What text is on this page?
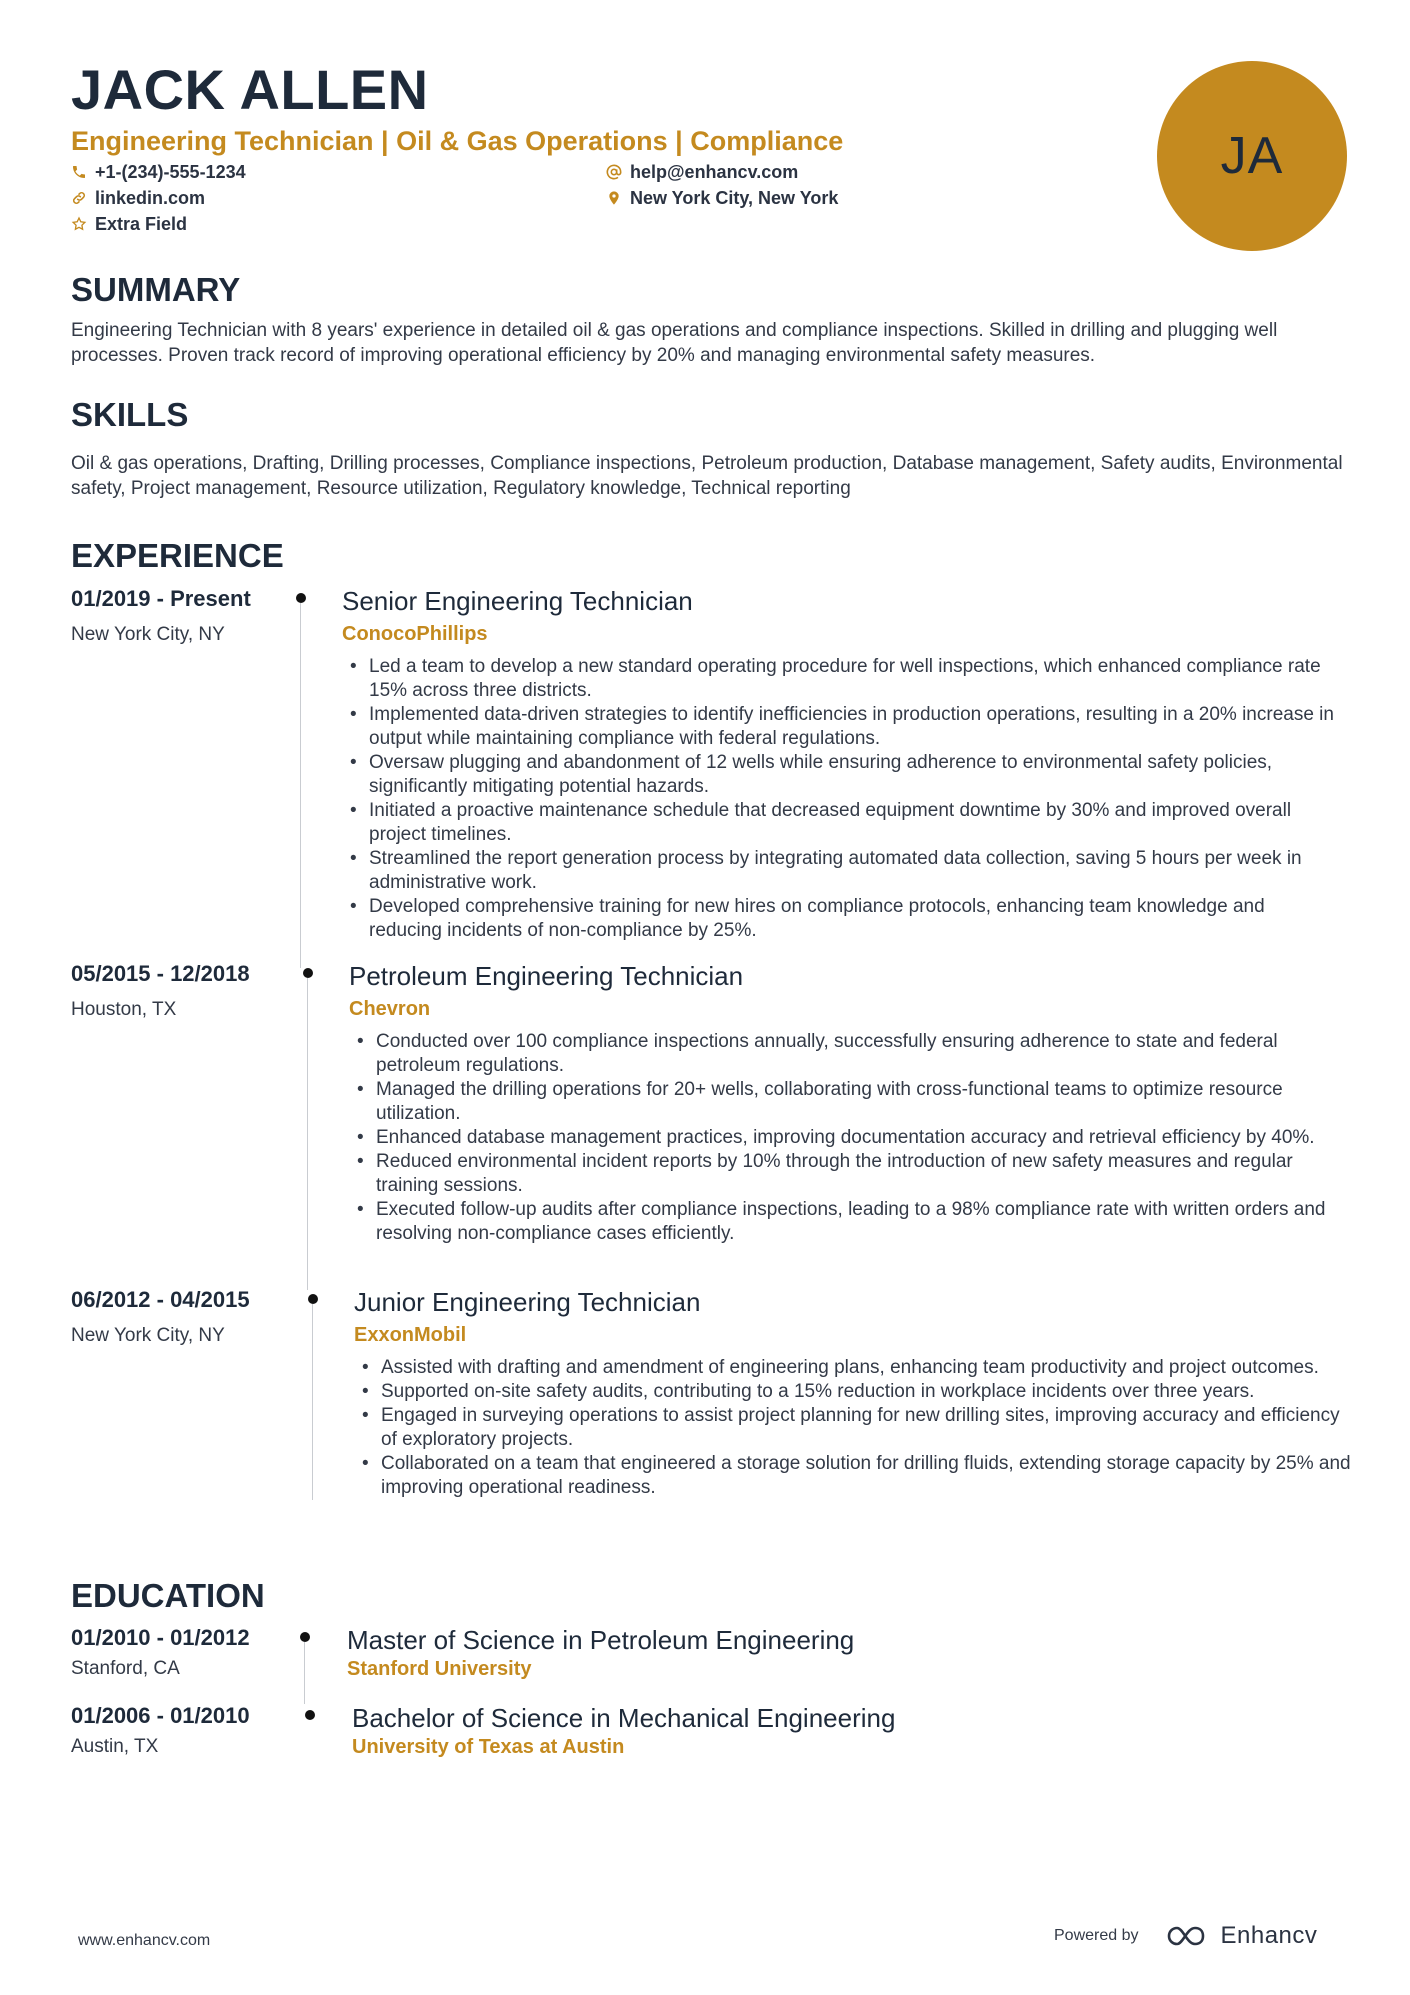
JACK ALLEN
Engineering Technician | Oil & Gas Operations | Compliance
+1-(234)-555-1234	help@enhancv.com
linkedin.com	New York City, New York
Extra Field
JA
SUMMARY
Engineering Technician with 8 years' experience in detailed oil & gas operations and compliance inspections. Skilled in drilling and plugging well processes. Proven track record of improving operational efficiency by 20% and managing environmental safety measures.
SKILLS
Oil & gas operations, Drafting, Drilling processes, Compliance inspections, Petroleum production, Database management, Safety audits, Environmental safety, Project management, Resource utilization, Regulatory knowledge, Technical reporting
EXPERIENCE
01/2019 - Present
New York City, NY
Senior Engineering Technician
ConocoPhillips
• Led a team to develop a new standard operating procedure for well inspections, which enhanced compliance rate 15% across three districts.
• Implemented data-driven strategies to identify inefficiencies in production operations, resulting in a 20% increase in output while maintaining compliance with federal regulations.
• Oversaw plugging and abandonment of 12 wells while ensuring adherence to environmental safety policies, significantly mitigating potential hazards.
• Initiated a proactive maintenance schedule that decreased equipment downtime by 30% and improved overall project timelines.
• Streamlined the report generation process by integrating automated data collection, saving 5 hours per week in administrative work.
• Developed comprehensive training for new hires on compliance protocols, enhancing team knowledge and reducing incidents of non-compliance by 25%.
05/2015 - 12/2018
Houston, TX
Petroleum Engineering Technician
Chevron
• Conducted over 100 compliance inspections annually, successfully ensuring adherence to state and federal petroleum regulations.
• Managed the drilling operations for 20+ wells, collaborating with cross-functional teams to optimize resource utilization.
• Enhanced database management practices, improving documentation accuracy and retrieval efficiency by 40%.
• Reduced environmental incident reports by 10% through the introduction of new safety measures and regular training sessions.
• Executed follow-up audits after compliance inspections, leading to a 98% compliance rate with written orders and resolving non-compliance cases efficiently.
06/2012 - 04/2015
New York City, NY
Junior Engineering Technician
ExxonMobil
• Assisted with drafting and amendment of engineering plans, enhancing team productivity and project outcomes.
• Supported on-site safety audits, contributing to a 15% reduction in workplace incidents over three years.
• Engaged in surveying operations to assist project planning for new drilling sites, improving accuracy and efficiency of exploratory projects.
• Collaborated on a team that engineered a storage solution for drilling fluids, extending storage capacity by 25% and improving operational readiness.
EDUCATION
01/2010 - 01/2012
Stanford, CA
Master of Science in Petroleum Engineering
Stanford University
01/2006 - 01/2010
Austin, TX
Bachelor of Science in Mechanical Engineering
University of Texas at Austin
www.enhancv.com	Powered by	Enhancv
